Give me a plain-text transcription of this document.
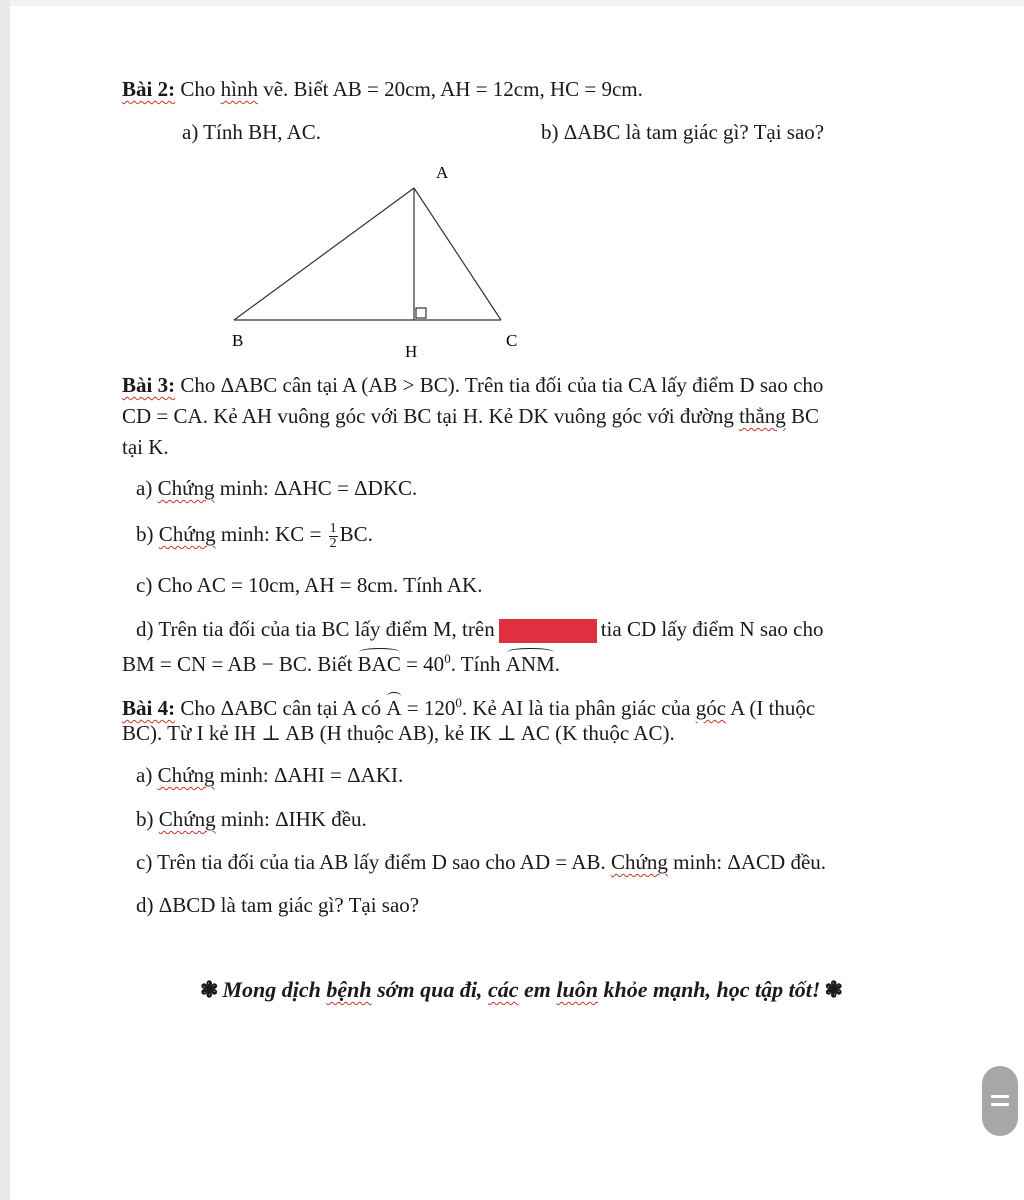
Bài 2: Cho hình vẽ. Biết AB = 20cm, AH = 12cm, HC = 9cm.
a) Tính BH, AC.	b) ΔABC là tam giác gì? Tại sao?
A
B
H
C
Bài 3: Cho ΔABC cân tại A (AB > BC). Trên tia đối của tia CA lấy điểm D sao cho
CD = CA. Kẻ AH vuông góc với BC tại H. Kẻ DK vuông góc với đường thẳng BC
tại K.
a) Chứng minh: ΔAHC = ΔDKC.
b) Chứng minh: KC = $\frac{1}{2}$ BC.
c) Cho AC = 10cm, AH = 8cm. Tính AK.
d) Trên tia đối của tia BC lấy điểm M, trên	tia CD lấy điểm N sao cho
BM = CN = AB − BC. Biết BAC = $40^0$. Tính ANM.
Bài 4: Cho ΔABC cân tại A có $A = 120^0$. Kẻ AI là tia phân giác của góc A (I thuộc
BC). Từ I kẻ IH ⊥ AB (H thuộc AB), kẻ IK ⊥ AC (K thuộc AC).
a) Chứng minh: ΔAHI = ΔAKI.
b) Chứng minh: ΔIHK đều.
c) Trên tia đối của tia AB lấy điểm D sao cho AD = AB. Chứng minh: ΔACD đều.
d) ΔBCD là tam giác gì? Tại sao?
❃ Mong dịch bệnh sớm qua đi, các em luôn khỏe mạnh, học tập tốt! ❃
